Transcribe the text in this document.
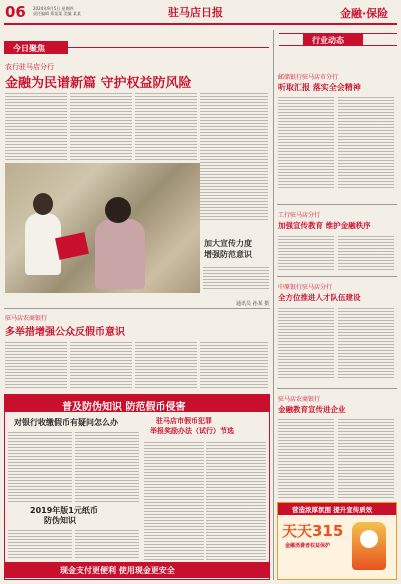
06 2024年9月5日 星期四
责任编辑 郑某某 美编 某某	驻马店日报	金融·保险
今日聚焦
农行驻马店分行
金融为民谱新篇 守护权益防风险
加大宣传力度
增强防范意识
通讯员 孙某 摄
驻马店农商银行
多举措增强公众反假币意识
普及防伪知识 防范假币侵害
对银行收缴假币有疑问怎么办
2019年版1元纸币
防伪知识
驻马店市假币犯罪
举报奖励办法（试行）节选
现金支付更便利 使用现金更安全
行业动态
邮储银行驻马店市分行
听取汇报 落实全会精神
工行驻马店分行
加强宣传教育 维护金融秩序
中原银行驻马店分行
全方位推进人才队伍建设
驻马店农商银行
金融教育宣传进企业
营造浓厚氛围 提升宣传质效
天天315
金融消费者权益保护
